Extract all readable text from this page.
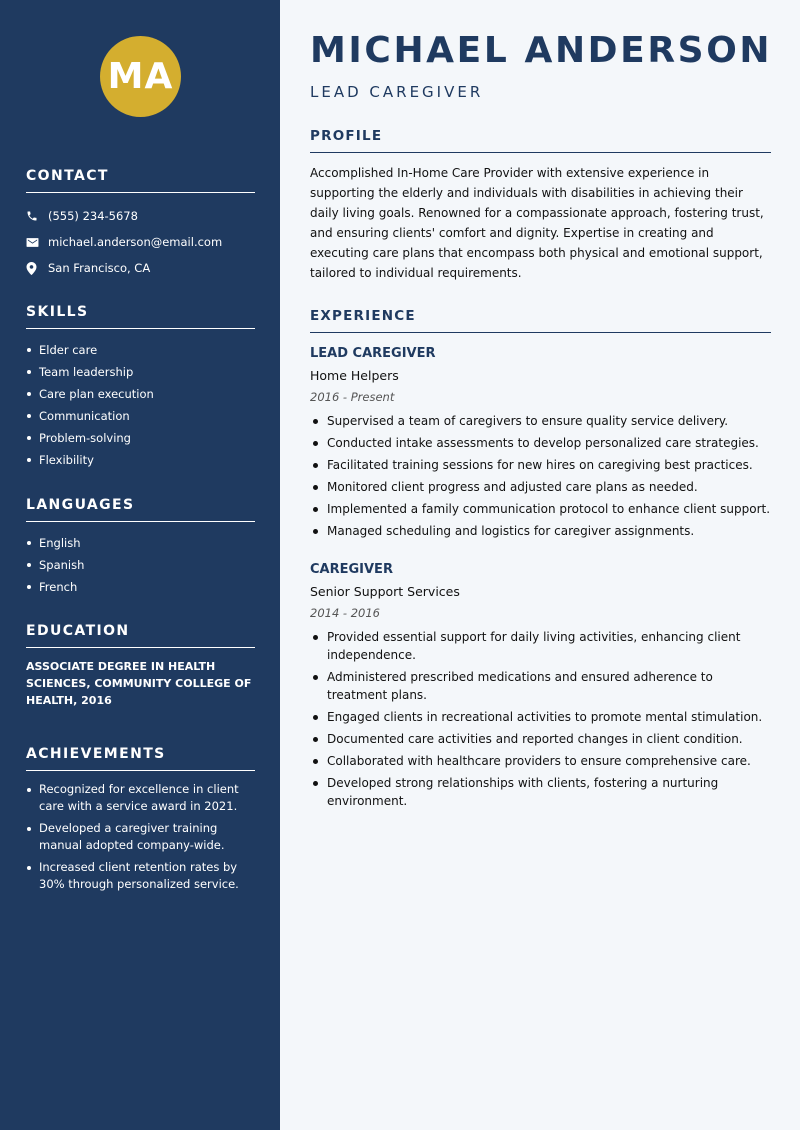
MA
CONTACT
(555) 234-5678
michael.anderson@email.com
San Francisco, CA
SKILLS
Elder care
Team leadership
Care plan execution
Communication
Problem-solving
Flexibility
LANGUAGES
English
Spanish
French
EDUCATION
ASSOCIATE DEGREE IN HEALTH SCIENCES, COMMUNITY COLLEGE OF HEALTH, 2016
ACHIEVEMENTS
Recognized for excellence in client care with a service award in 2021.
Developed a caregiver training manual adopted company-wide.
Increased client retention rates by 30% through personalized service.
MICHAEL ANDERSON
LEAD CAREGIVER
PROFILE

Accomplished In-Home Care Provider with extensive experience in supporting the elderly and individuals with disabilities in achieving their daily living goals. Renowned for a compassionate approach, fostering trust, and ensuring clients' comfort and dignity. Expertise in creating and executing care plans that encompass both physical and emotional support, tailored to individual requirements.

EXPERIENCE
LEAD CAREGIVER
Home Helpers
2016 - Present
Supervised a team of caregivers to ensure quality service delivery.
Conducted intake assessments to develop personalized care strategies.
Facilitated training sessions for new hires on caregiving best practices.
Monitored client progress and adjusted care plans as needed.
Implemented a family communication protocol to enhance client support.
Managed scheduling and logistics for caregiver assignments.
CAREGIVER
Senior Support Services
2014 - 2016
Provided essential support for daily living activities, enhancing client independence.
Administered prescribed medications and ensured adherence to treatment plans.
Engaged clients in recreational activities to promote mental stimulation.
Documented care activities and reported changes in client condition.
Collaborated with healthcare providers to ensure comprehensive care.
Developed strong relationships with clients, fostering a nurturing environment.
